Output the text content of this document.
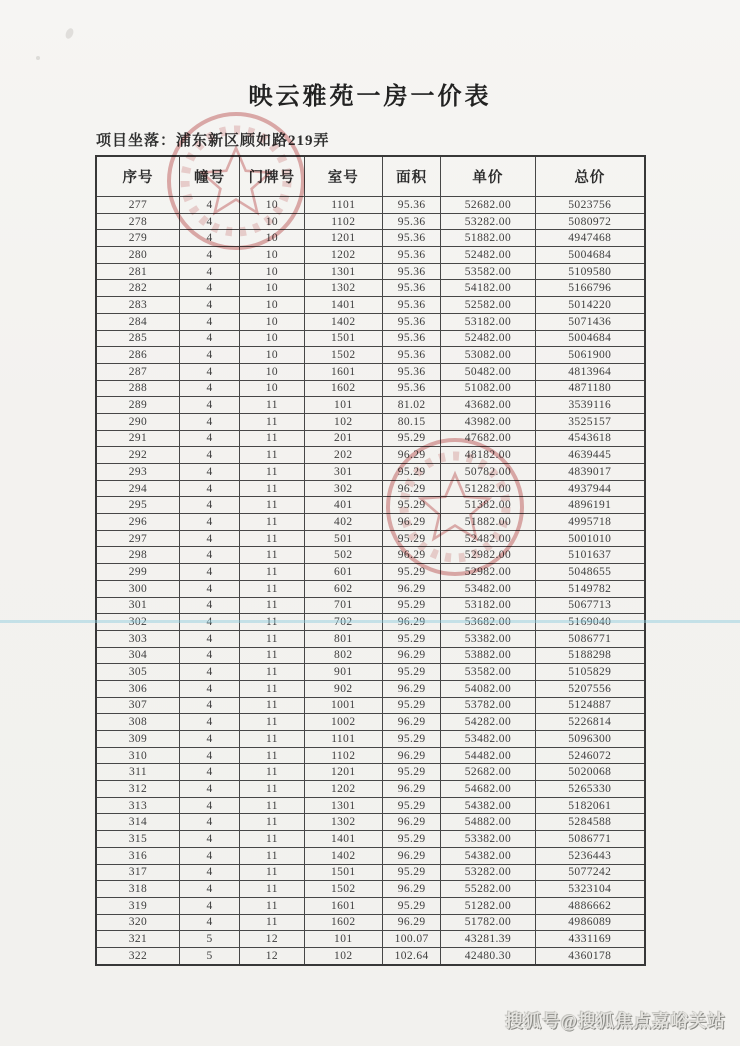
映云雅苑一房一价表
项目坐落：浦东新区顾如路219弄
序号	幢号	门牌号	室号	面积	单价	总价
277	4	10	1101	95.36	52682.00	5023756
278	4	10	1102	95.36	53282.00	5080972
279	4	10	1201	95.36	51882.00	4947468
280	4	10	1202	95.36	52482.00	5004684
281	4	10	1301	95.36	53582.00	5109580
282	4	10	1302	95.36	54182.00	5166796
283	4	10	1401	95.36	52582.00	5014220
284	4	10	1402	95.36	53182.00	5071436
285	4	10	1501	95.36	52482.00	5004684
286	4	10	1502	95.36	53082.00	5061900
287	4	10	1601	95.36	50482.00	4813964
288	4	10	1602	95.36	51082.00	4871180
289	4	11	101	81.02	43682.00	3539116
290	4	11	102	80.15	43982.00	3525157
291	4	11	201	95.29	47682.00	4543618
292	4	11	202	96.29	48182.00	4639445
293	4	11	301	95.29	50782.00	4839017
294	4	11	302	96.29	51282.00	4937944
295	4	11	401	95.29	51382.00	4896191
296	4	11	402	96.29	51882.00	4995718
297	4	11	501	95.29	52482.00	5001010
298	4	11	502	96.29	52982.00	5101637
299	4	11	601	95.29	52982.00	5048655
300	4	11	602	96.29	53482.00	5149782
301	4	11	701	95.29	53182.00	5067713
302	4	11	702	96.29	53682.00	5169040
303	4	11	801	95.29	53382.00	5086771
304	4	11	802	96.29	53882.00	5188298
305	4	11	901	95.29	53582.00	5105829
306	4	11	902	96.29	54082.00	5207556
307	4	11	1001	95.29	53782.00	5124887
308	4	11	1002	96.29	54282.00	5226814
309	4	11	1101	95.29	53482.00	5096300
310	4	11	1102	96.29	54482.00	5246072
311	4	11	1201	95.29	52682.00	5020068
312	4	11	1202	96.29	54682.00	5265330
313	4	11	1301	95.29	54382.00	5182061
314	4	11	1302	96.29	54882.00	5284588
315	4	11	1401	95.29	53382.00	5086771
316	4	11	1402	96.29	54382.00	5236443
317	4	11	1501	95.29	53282.00	5077242
318	4	11	1502	96.29	55282.00	5323104
319	4	11	1601	95.29	51282.00	4886662
320	4	11	1602	96.29	51782.00	4986089
321	5	12	101	100.07	43281.39	4331169
322	5	12	102	102.64	42480.30	4360178
搜狐号@搜狐焦点嘉峪关站
